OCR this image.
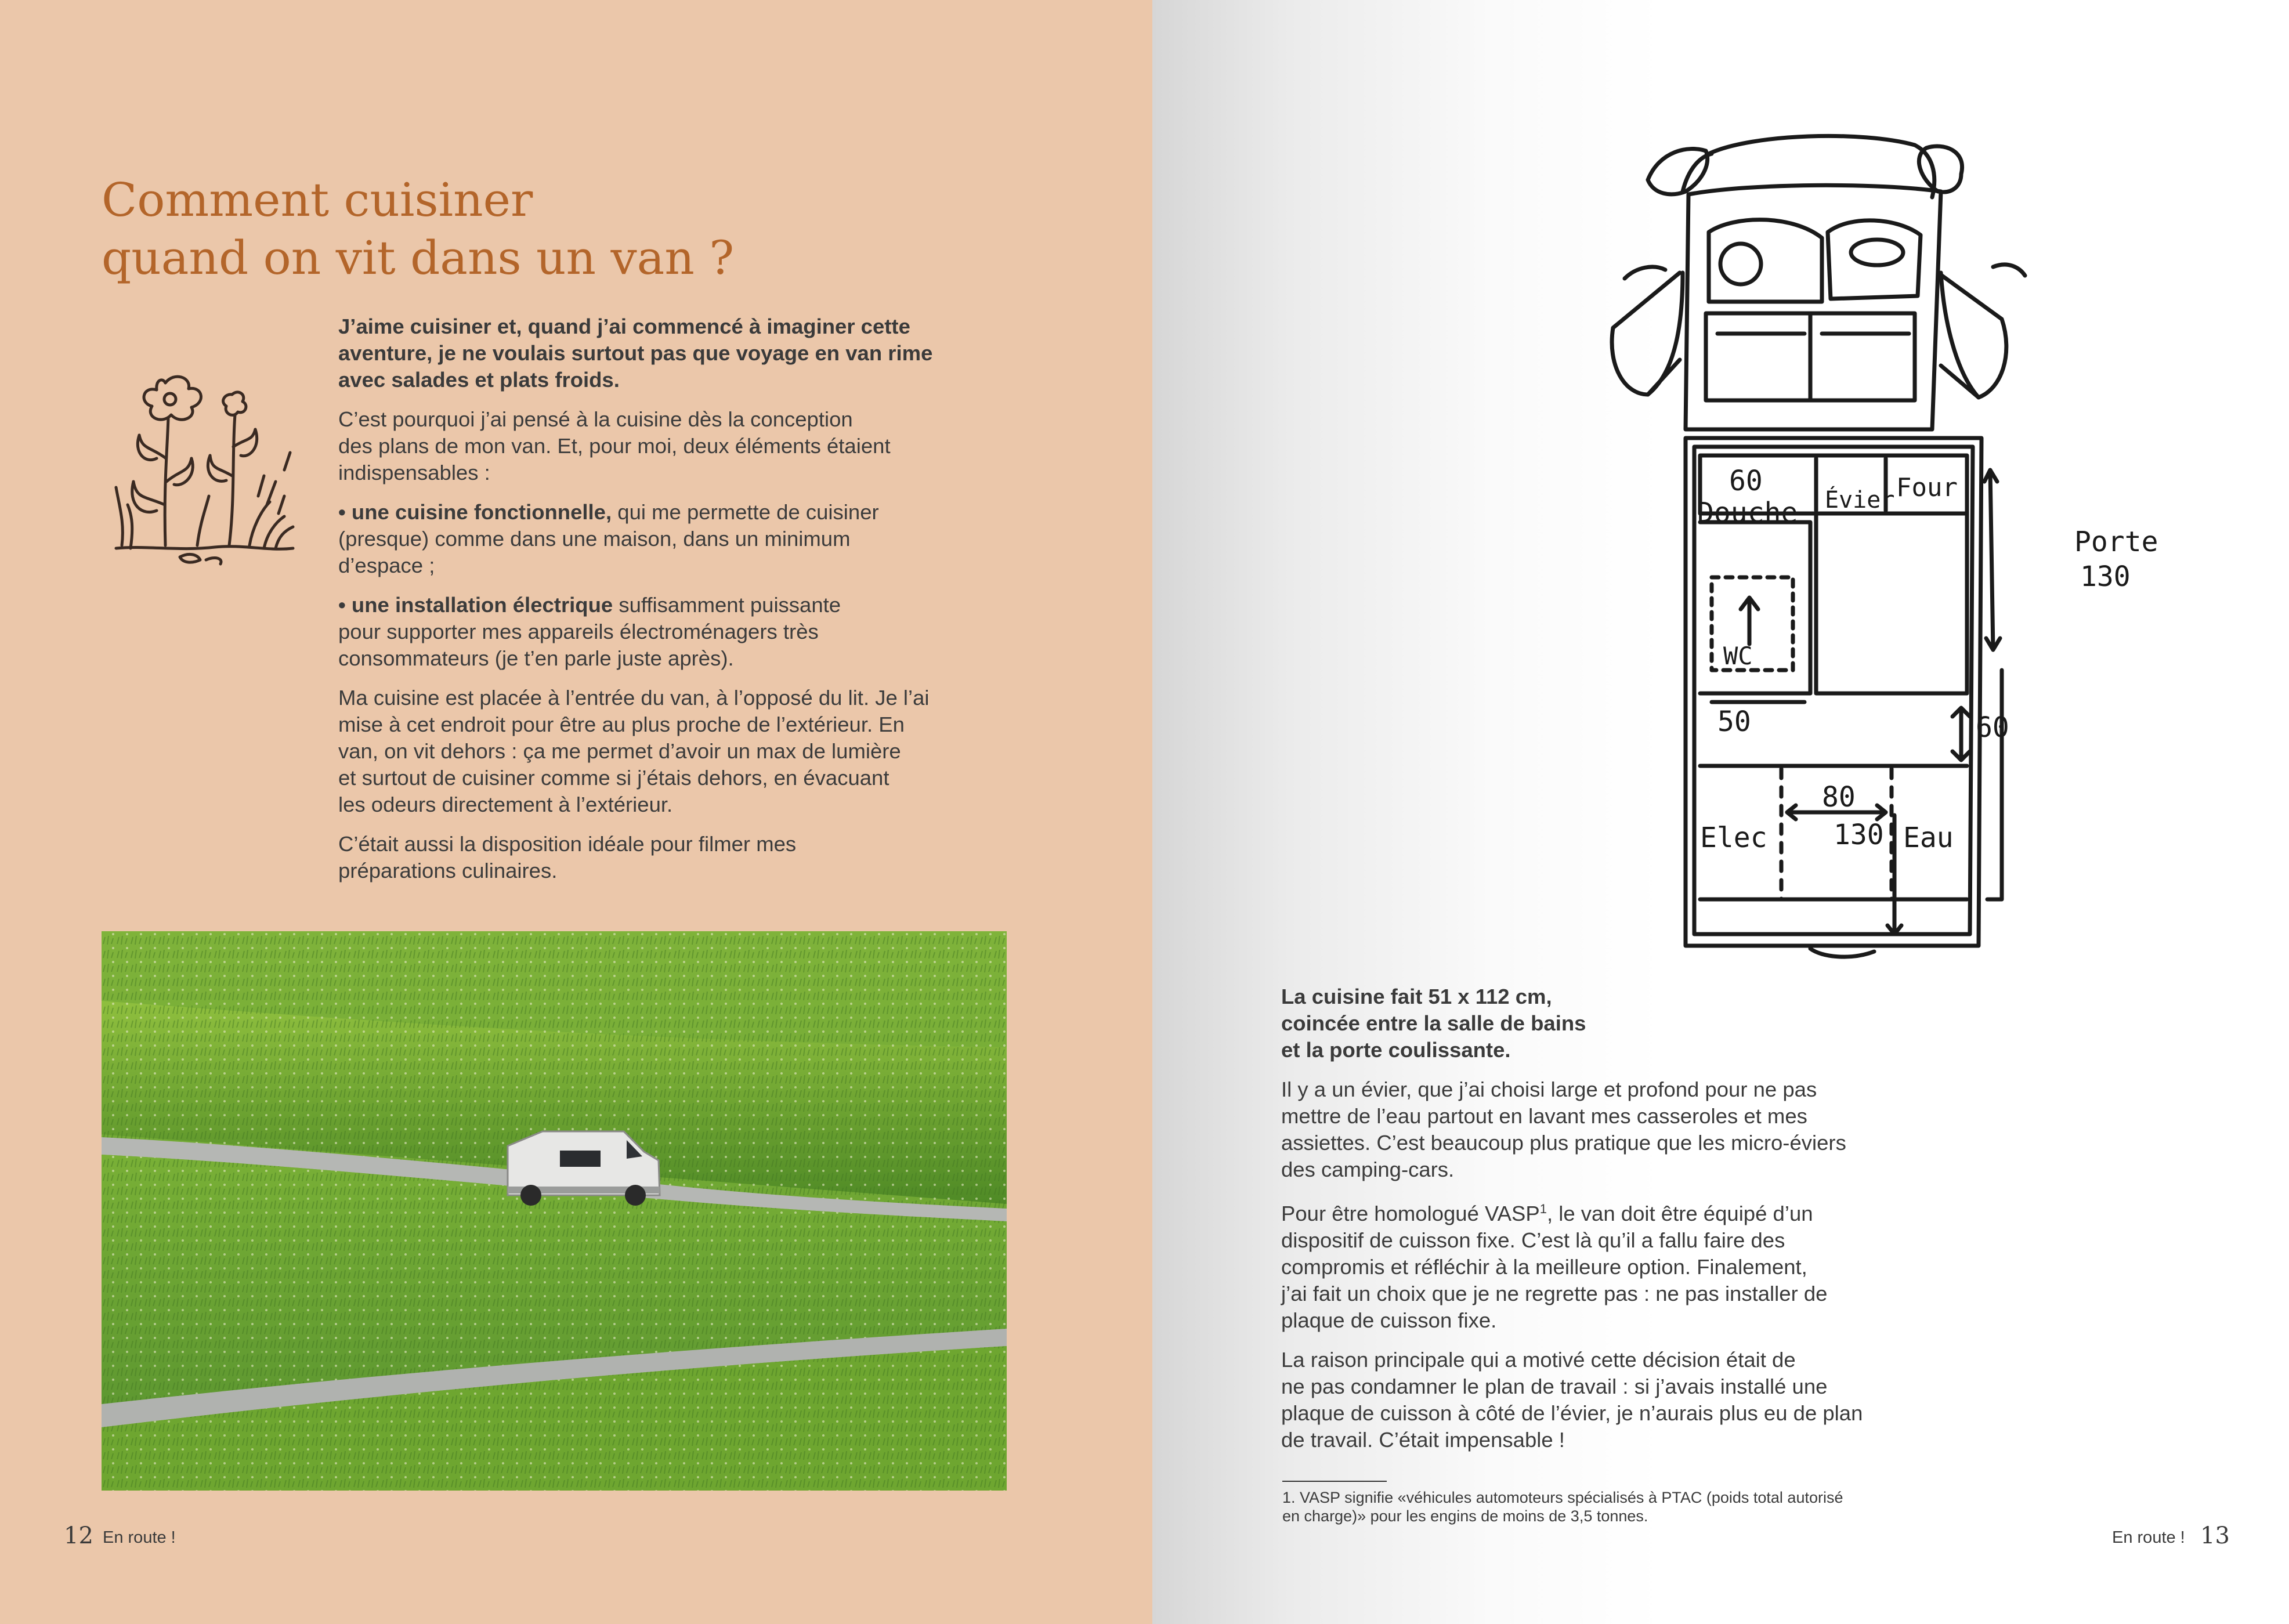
Comment cuisiner
quand on vit dans un van ?

J’aime cuisiner et, quand j’ai commencé à imaginer cette
aventure, je ne voulais surtout pas que voyage en van rime
avec salades et plats froids.

C’est pourquoi j’ai pensé à la cuisine dès la conception
des plans de mon van. Et, pour moi, deux éléments étaient
indispensables :

• une cuisine fonctionnelle, qui me permette de cuisiner
(presque) comme dans une maison, dans un minimum
d’espace ;

• une installation électrique suffisamment puissante
pour supporter mes appareils électroménagers très
consommateurs (je t’en parle juste après).

Ma cuisine est placée à l’entrée du van, à l’opposé du lit. Je l’ai
mise à cet endroit pour être au plus proche de l’extérieur. En
van, on vit dehors : ça me permet d’avoir un max de lumière
et surtout de cuisiner comme si j’étais dehors, en évacuant
les odeurs directement à l’extérieur.

C’était aussi la disposition idéale pour filmer mes
préparations culinaires.

12 En route !
60
Douche Évier Four
Porte
130
WC
50	60
80
130
Elec	Eau

La cuisine fait 51 x 112 cm,
coincée entre la salle de bains
et la porte coulissante.

Il y a un évier, que j’ai choisi large et profond pour ne pas
mettre de l’eau partout en lavant mes casseroles et mes
assiettes. C’est beaucoup plus pratique que les micro-éviers
des camping-cars.

Pour être homologué VASP$^1$, le van doit être équipé d’un
dispositif de cuisson fixe. C’est là qu’il a fallu faire des
compromis et réfléchir à la meilleure option. Finalement,
j’ai fait un choix que je ne regrette pas : ne pas installer de
plaque de cuisson fixe.

La raison principale qui a motivé cette décision était de
ne pas condamner le plan de travail : si j’avais installé une
plaque de cuisson à côté de l’évier, je n’aurais plus eu de plan
de travail. C’était impensable !

1. VASP signifie «véhicules automoteurs spécialisés à PTAC (poids total autorisé
en charge)» pour les engins de moins de 3,5 tonnes.
En route ! 13
